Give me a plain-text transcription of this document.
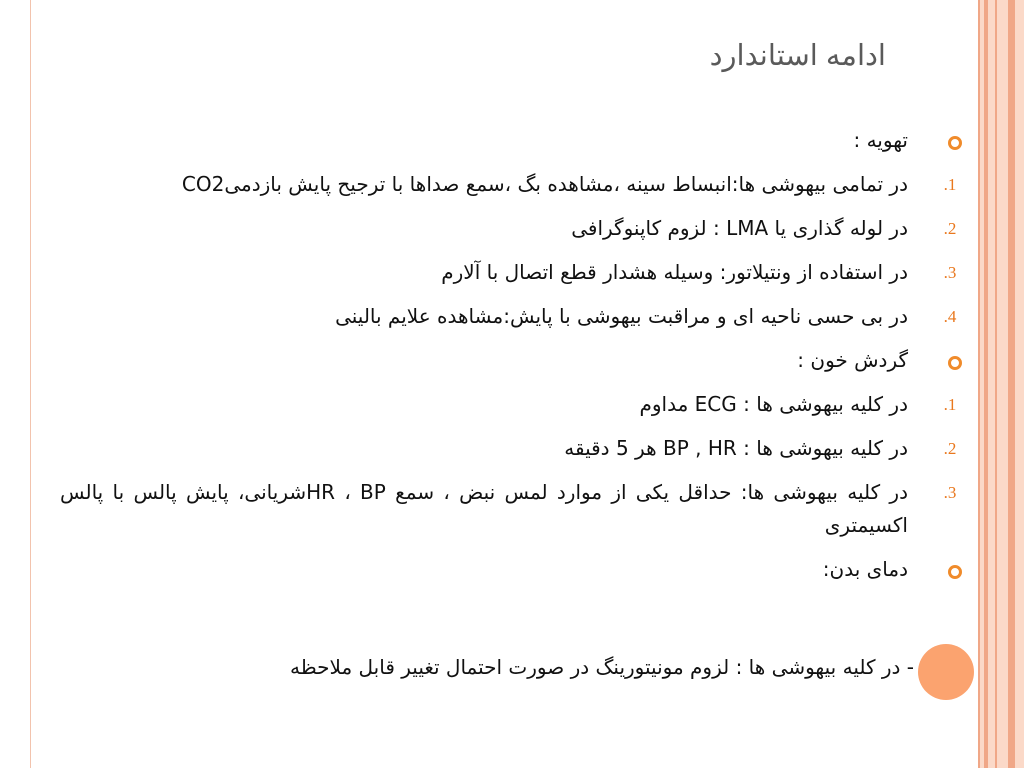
ادامه استاندارد
تهویه :
1.
در تمامی بیهوشی ها:انبساط سینه ،مشاهده بگ ،سمع صداها با ترجیح پایش بازدمیCO2
2.
در لوله گذاری یا LMA : لزوم کاپنوگرافی
3.
در استفاده از ونتیلاتور: وسیله هشدار قطع اتصال با آلارم
4.
در بی حسی ناحیه ای و مراقبت بیهوشی با پایش:مشاهده علایم بالینی
گردش خون :
1.
در کلیه بیهوشی ها : ECG مداوم
2.
در کلیه بیهوشی ها : BP , HR هر 5 دقیقه
3.
در کلیه بیهوشی ها: حداقل یکی از موارد لمس نبض ، سمع HR ، BPشریانی، پایش پالس با پالس اکسیمتری
دمای بدن:
- در کلیه بیهوشی ها : لزوم مونیتورینگ در صورت احتمال تغییر قابل ملاحظه
